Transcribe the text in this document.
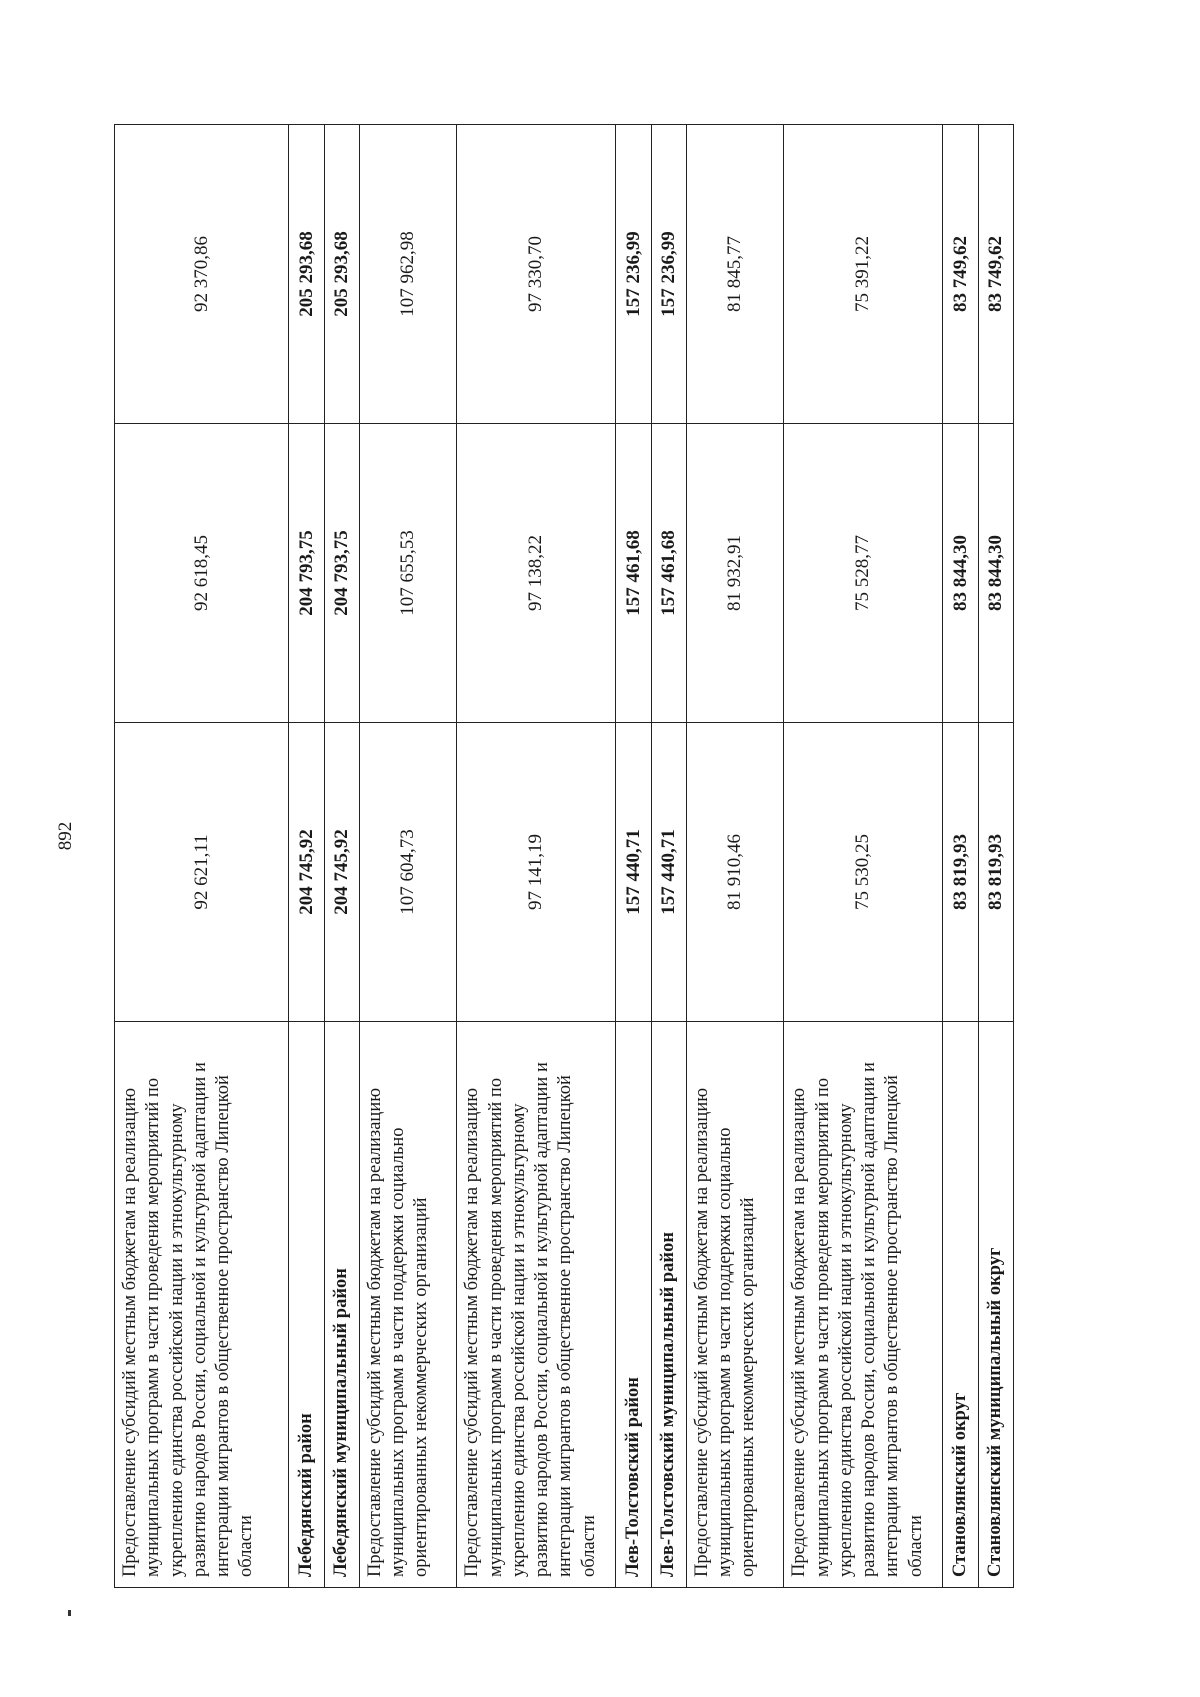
892
Предоставление субсидий местным бюджетам на реализацию муниципальных программ в части проведения мероприятий по укреплению единства российской нации и этнокультурному развитию народов России, социальной и культурной адаптации и интеграции мигрантов в общественное пространство Липецкой области	92 621,11	92 618,45	92 370,86
Лебедянский район	204 745,92	204 793,75	205 293,68
Лебедянский муниципальный район	204 745,92	204 793,75	205 293,68
Предоставление субсидий местным бюджетам на реализацию муниципальных программ в части поддержки социально ориентированных некоммерческих организаций	107 604,73	107 655,53	107 962,98
Предоставление субсидий местным бюджетам на реализацию муниципальных программ в части проведения мероприятий по укреплению единства российской нации и этнокультурному развитию народов России, социальной и культурной адаптации и интеграции мигрантов в общественное пространство Липецкой области	97 141,19	97 138,22	97 330,70
Лев-Толстовский район	157 440,71	157 461,68	157 236,99
Лев-Толстовский муниципальный район	157 440,71	157 461,68	157 236,99
Предоставление субсидий местным бюджетам на реализацию муниципальных программ в части поддержки социально ориентированных некоммерческих организаций	81 910,46	81 932,91	81 845,77
Предоставление субсидий местным бюджетам на реализацию муниципальных программ в части проведения мероприятий по укреплению единства российской нации и этнокультурному развитию народов России, социальной и культурной адаптации и интеграции мигрантов в общественное пространство Липецкой области	75 530,25	75 528,77	75 391,22
Становлянский округ	83 819,93	83 844,30	83 749,62
Становлянский муниципальный округ	83 819,93	83 844,30	83 749,62
